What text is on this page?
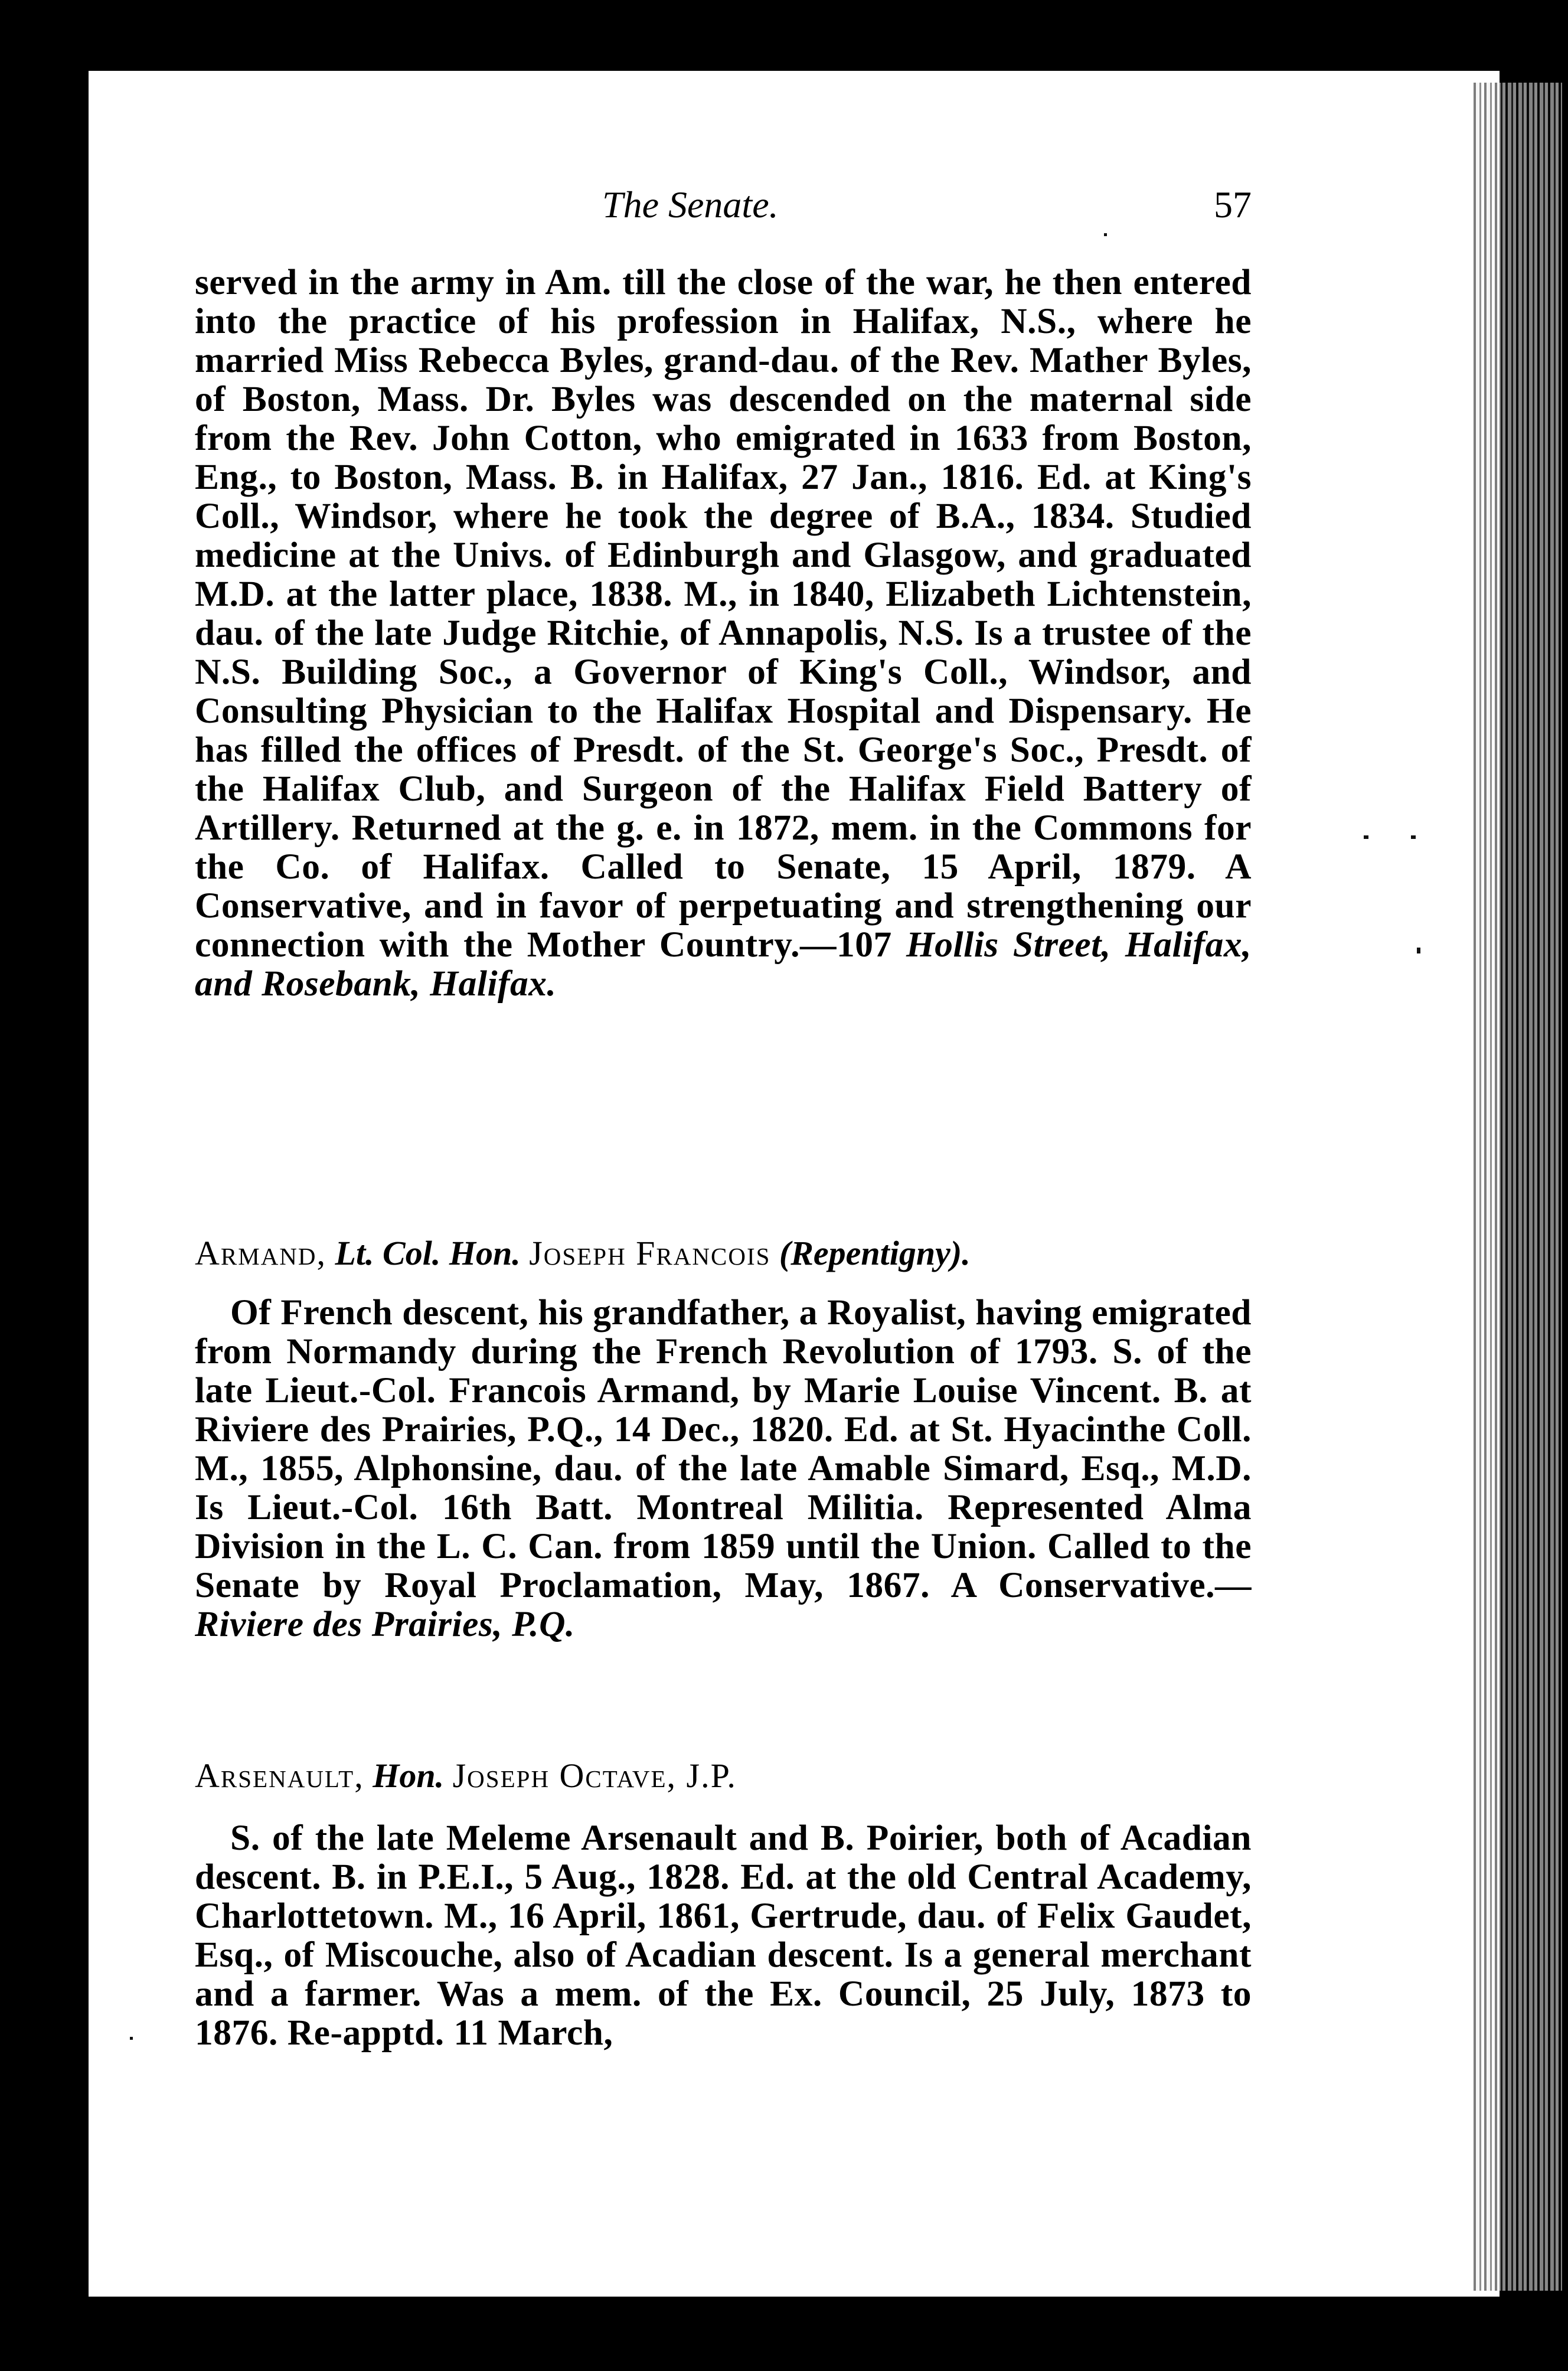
The Senate.	57

served in the army in Am. till the close of the war, he then entered into the practice of his profession in Halifax, N.S., where he married Miss Rebecca Byles, grand-dau. of the Rev. Mather Byles, of Boston, Mass. Dr. Byles was descended on the maternal side from the Rev. John Cotton, who emigrated in 1633 from Boston, Eng., to Boston, Mass. B. in Halifax, 27 Jan., 1816. Ed. at King's Coll., Windsor, where he took the degree of B.A., 1834. Studied medicine at the Univs. of Edinburgh and Glasgow, and graduated M.D. at the latter place, 1838. M., in 1840, Elizabeth Lichtenstein, dau. of the late Judge Ritchie, of Annapolis, N.S. Is a trustee of the N.S. Building Soc., a Governor of King's Coll., Windsor, and Consulting Physician to the Halifax Hospital and Dispensary. He has filled the offices of Presdt. of the St. George's Soc., Presdt. of the Halifax Club, and Surgeon of the Halifax Field Battery of Artillery. Returned at the g. e. in 1872, mem. in the Commons for the Co. of Halifax. Called to Senate, 15 April, 1879. A Conservative, and in favor of perpetuating and strengthening our connection with the Mother Country.—107 Hollis Street, Halifax, and Rosebank, Halifax.

Armand, Lt. Col. Hon. Joseph Francois (Repentigny).

Of French descent, his grandfather, a Royalist, having emigrated from Normandy during the French Revolution of 1793. S. of the late Lieut.-Col. Francois Armand, by Marie Louise Vincent. B. at Riviere des Prairies, P.Q., 14 Dec., 1820. Ed. at St. Hyacinthe Coll. M., 1855, Alphonsine, dau. of the late Amable Simard, Esq., M.D. Is Lieut.-Col. 16th Batt. Montreal Militia. Represented Alma Division in the L. C. Can. from 1859 until the Union. Called to the Senate by Royal Proclamation, May, 1867. A Conservative.—Riviere des Prairies, P.Q.

Arsenault, Hon. Joseph Octave, J.P.

S. of the late Meleme Arsenault and B. Poirier, both of Acadian descent. B. in P.E.I., 5 Aug., 1828. Ed. at the old Central Academy, Charlottetown. M., 16 April, 1861, Gertrude, dau. of Felix Gaudet, Esq., of Miscouche, also of Acadian descent. Is a general merchant and a farmer. Was a mem. of the Ex. Council, 25 July, 1873 to 1876. Re-apptd. 11 March,
